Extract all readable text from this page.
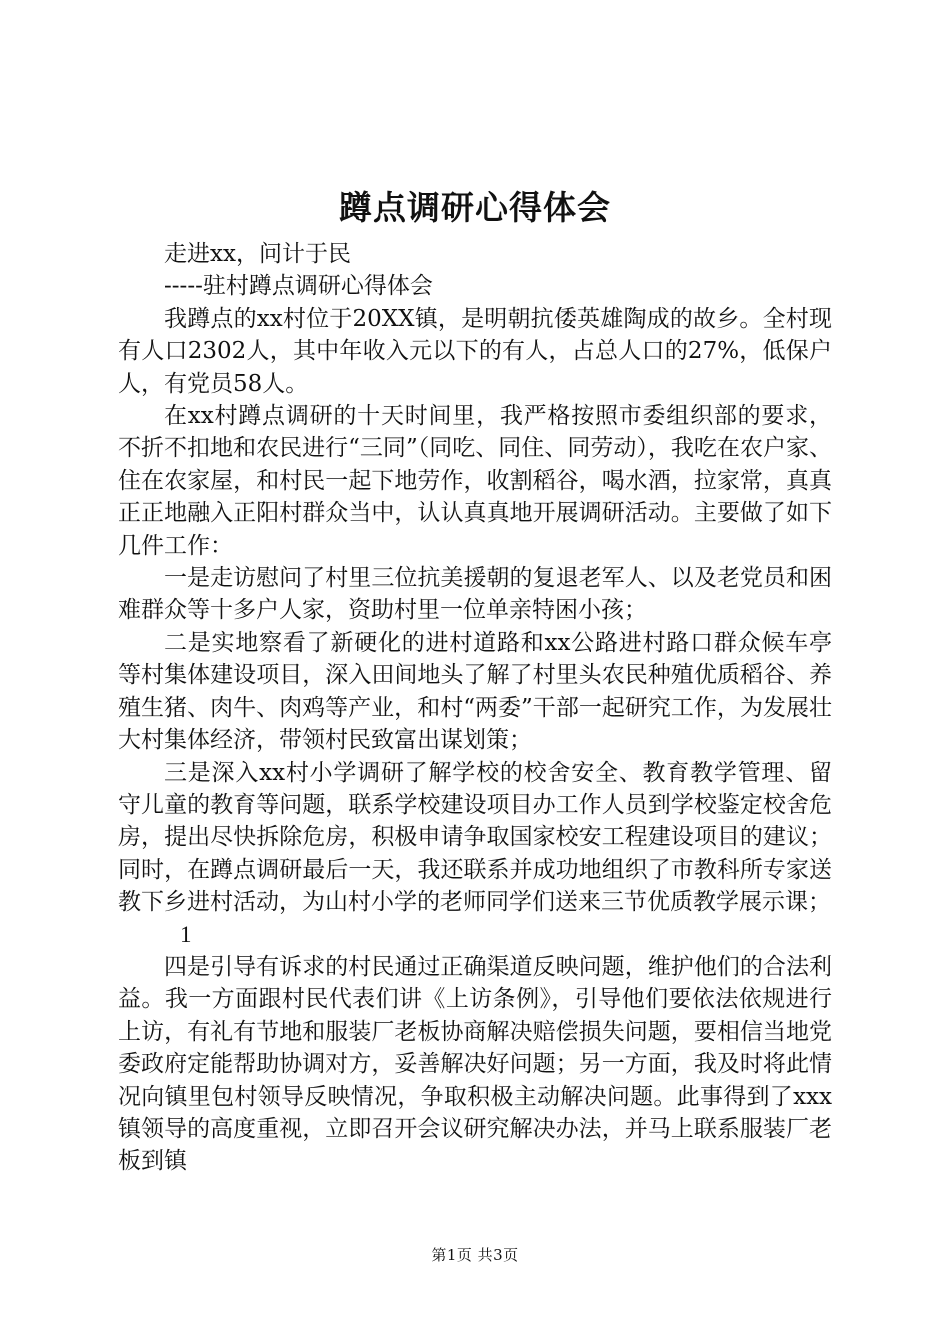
蹲点调研心得体会

走进xx，问计于民

-----驻村蹲点调研心得体会

我蹲点的xx村位于20XX镇，是明朝抗倭英雄陶成的故乡。全村现有人口2302人，其中年收入元以下的有人，占总人口的27%，低保户人，有党员58人。

在xx村蹲点调研的十天时间里，我严格按照市委组织部的要求，不折不扣地和农民进行“三同”（同吃、同住、同劳动），我吃在农户家、住在农家屋，和村民一起下地劳作，收割稻谷，喝水酒，拉家常，真真正正地融入正阳村群众当中，认认真真地开展调研活动。主要做了如下几件工作：

一是走访慰问了村里三位抗美援朝的复退老军人、以及老党员和困难群众等十多户人家，资助村里一位单亲特困小孩；

二是实地察看了新硬化的进村道路和xx公路进村路口群众候车亭等村集体建设项目，深入田间地头了解了村里头农民种殖优质稻谷、养殖生猪、肉牛、肉鸡等产业，和村“两委”干部一起研究工作，为发展壮大村集体经济，带领村民致富出谋划策；

三是深入xx村小学调研了解学校的校舍安全、教育教学管理、留守儿童的教育等问题，联系学校建设项目办工作人员到学校鉴定校舍危房，提出尽快拆除危房，积极申请争取国家校安工程建设项目的建议；同时，在蹲点调研最后一天，我还联系并成功地组织了市教科所专家送教下乡进村活动，为山村小学的老师同学们送来三节优质教学展示课；

1

四是引导有诉求的村民通过正确渠道反映问题，维护他们的合法利益。我一方面跟村民代表们讲《上访条例》，引导他们要依法依规进行上访，有礼有节地和服装厂老板协商解决赔偿损失问题，要相信当地党委政府定能帮助协调对方，妥善解决好问题；另一方面，我及时将此情况向镇里包村领导反映情况，争取积极主动解决问题。此事得到了xxx镇领导的高度重视，立即召开会议研究解决办法，并马上联系服装厂老板到镇

第1页 共3页
